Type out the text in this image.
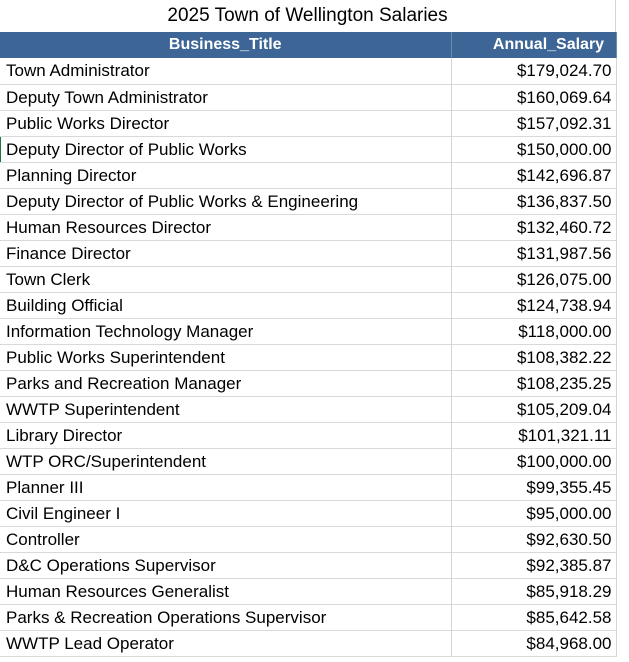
2025 Town of Wellington Salaries
Business_Title	Annual_Salary
Town Administrator	$179,024.70
Deputy Town Administrator	$160,069.64
Public Works Director	$157,092.31
Deputy Director of Public Works	$150,000.00
Planning Director	$142,696.87
Deputy Director of Public Works & Engineering	$136,837.50
Human Resources Director	$132,460.72
Finance Director	$131,987.56
Town Clerk	$126,075.00
Building Official	$124,738.94
Information Technology Manager	$118,000.00
Public Works Superintendent	$108,382.22
Parks and Recreation Manager	$108,235.25
WWTP Superintendent	$105,209.04
Library Director	$101,321.11
WTP ORC/Superintendent	$100,000.00
Planner III	$99,355.45
Civil Engineer I	$95,000.00
Controller	$92,630.50
D&C Operations Supervisor	$92,385.87
Human Resources Generalist	$85,918.29
Parks & Recreation Operations Supervisor	$85,642.58
WWTP Lead Operator	$84,968.00
